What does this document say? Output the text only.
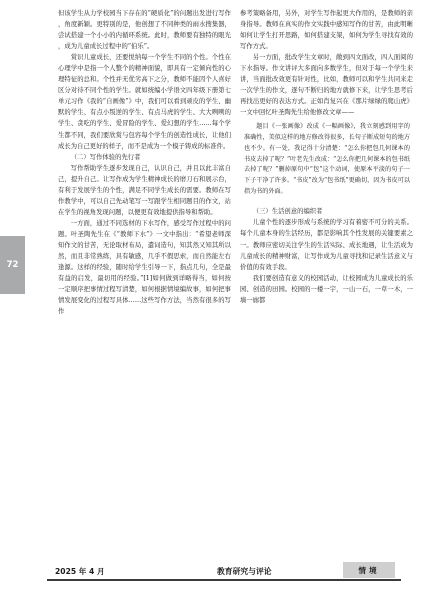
72

但该学生从力学校园当下存在的“硬质化”的问题出发进行写作，角度新颖。更特别的是，他创想了不同种类的雨水搜集器，尝试搭建一个小小的内循环系统。此时，教师要有独特的眼光，成为儿童成长过程中的“伯乐”。

赏识儿童成长，还要悦纳每一个学生不同的个性。个性在心理学中是指一个人整个的精神面貌，即具有一定倾向性的心理特征的总和。个性并无优劣高下之分，教师不能因个人喜好区分对待不同个性的学生。就如统编小学语文四年级下册第七单元习作《我的“自画像”》中，我们可以看到顽皮的学生、幽默的学生、有点小叛逆的学生、有点马虎的学生、大大咧咧的学生、贪吃的学生、爱冒险的学生、爱幻想的学生……每个学生都不同，我们要欣赏与包容每个学生的创造性成长，让他们成长为自己更好的样子，而不是成为一个模子铸成的标准件。

（二）写作体验的先行者

写作帮助学生逐步发现自己，认识自己，并且以此丰富自己，提升自己。让写作成为学生精神成长的磨刀石和展示台，有利于发展学生的个性，满足不同学生成长的需要。教师在写作教学中，可以自己先动笔写一写跟学生相同题目的作文，站在学生的视角发现问题，以便更有效地提供指导和帮助。

一方面，通过不同选材的下水写作，感受写作过程中的问题。叶圣陶先生在《“教师下水”》一文中指出：“希望老师深知作文的甘苦，无论取材布局，遣词造句，知其然又知其所以然，而且非常熟练，具有敏感，几乎不假思索，而自然能左右逢源。这样的经验，随时给学生引导一下，指点几句，全是最有益的启发，最切用的经验。”[1]如何做到详略得当，如何按一定顺序把事情过程写清楚，如何根据情境编故事，如何把事情发展变化的过程写具体……这些写作方法，当然有很多的写作

参考策略备用，另外，对学生写作起更大作用的，是教师的亲身指导。教师在真实的作文实践中感知写作的甘苦，由此明晰如何让学生打开思路，如何搭建支架，如何为学生寻找有效的写作方式。

另一方面，批改学生文章时，敞到四文面改，四人面阅的下水指导。作文讲评大多面向多数学生，但对于每一个学生来讲，当面批改效更有针对性，比如，教师可以和学生共同来走一次学生的作文，逐句不断归的地方就修下来，让学生思考后再找出更好的表达方式。正如肖复兴在《那片绿绿的爬山虎》一文中回忆叶圣陶先生给他修改文章——

题目《一张画像》改成《一幅画像》，我立刻感到用字的准确性，美似这样的地方修改得很多，长句子断成短句的地方也不少。有一处，我记得十分清楚：“怎么你把包几何课本的书皮去掉了呢？”叶老先生改成：“怎么你把几何课本的包书纸去掉了呢？”删掉原句中“包”这个动词，使原本平淡的句子一下子干净了许多。“书皮”改为“包书纸”更确切，因为书皮可以指为书的外面。

（三）生活创意的编织者

儿童个性的逐步形成与系统的学习有着密不可分的关系。每个儿童本身的生活经历，都是影响其个性发展的关键要素之一。教师应密切关注学生的生活实际、成长地遇，让生活成为儿童成长的精神财富，让写作成为儿童寻找和记录生活意义与价值的有效手段。

我们要创造有意义的校园活动，让校园成为儿童成长的乐园、创造的田园。校园的一楼一宇，一山一石，一草一木，一墙一廊都

2025 年 4 月	教育研究与评论	情境
